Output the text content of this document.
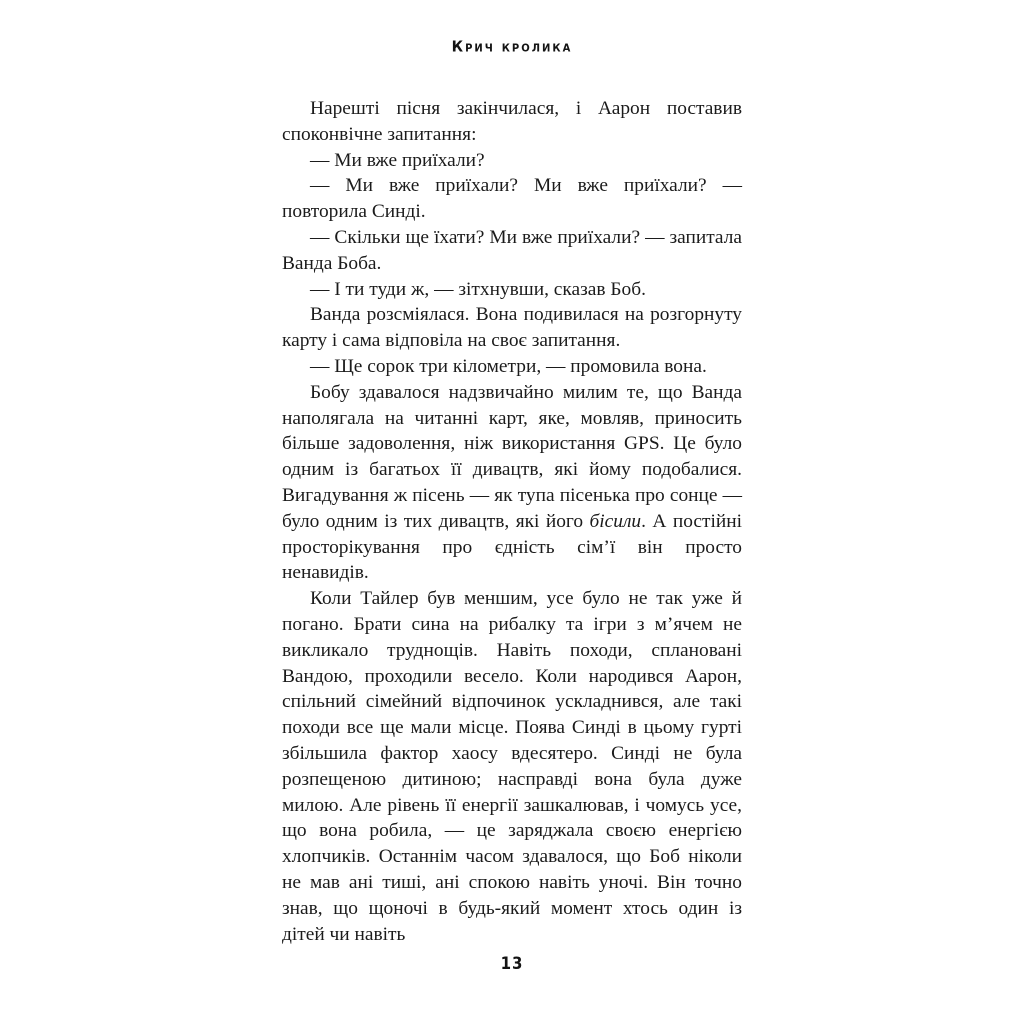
Крич кролика

Нарешті пісня закінчилася, і Аарон поставив споконвічне запитання:

— Ми вже приїхали?

— Ми вже приїхали? Ми вже приїхали? — повторила Синді.

— Скільки ще їхати? Ми вже приїхали? — запитала Ванда Боба.

— І ти туди ж, — зітхнувши, сказав Боб.

Ванда розсміялася. Вона подивилася на розгорнуту карту і сама відповіла на своє запитання.

— Ще сорок три кілометри, — промовила вона.

Бобу здавалося надзвичайно милим те, що Ванда наполягала на читанні карт, яке, мовляв, приносить більше задоволення, ніж використання GPS. Це було одним із багатьох її дивацтв, які йому подобалися. Вигадування ж пісень — як тупа пісенька про сонце — було одним із тих дивацтв, які його бісили. А постійні просторікування про єдність сім’ї він просто ненавидів.

Коли Тайлер був меншим, усе було не так уже й погано. Брати сина на рибалку та ігри з м’ячем не викликало труднощів. Навіть походи, сплановані Вандою, проходили весело. Коли народився Аарон, спільний сімейний відпочинок ускладнився, але такі походи все ще мали місце. Поява Синді в цьому гурті збільшила фактор хаосу вдесятеро. Синді не була розпещеною дитиною; насправді вона була дуже милою. Але рівень її енергії зашкалював, і чомусь усе, що вона робила, — це заряджала своєю енергією хлопчиків. Останнім часом здавалося, що Боб ніколи не мав ані тиші, ані спокою навіть уночі. Він точно знав, що щоночі в будь-який момент хтось один із дітей чи навіть

13
